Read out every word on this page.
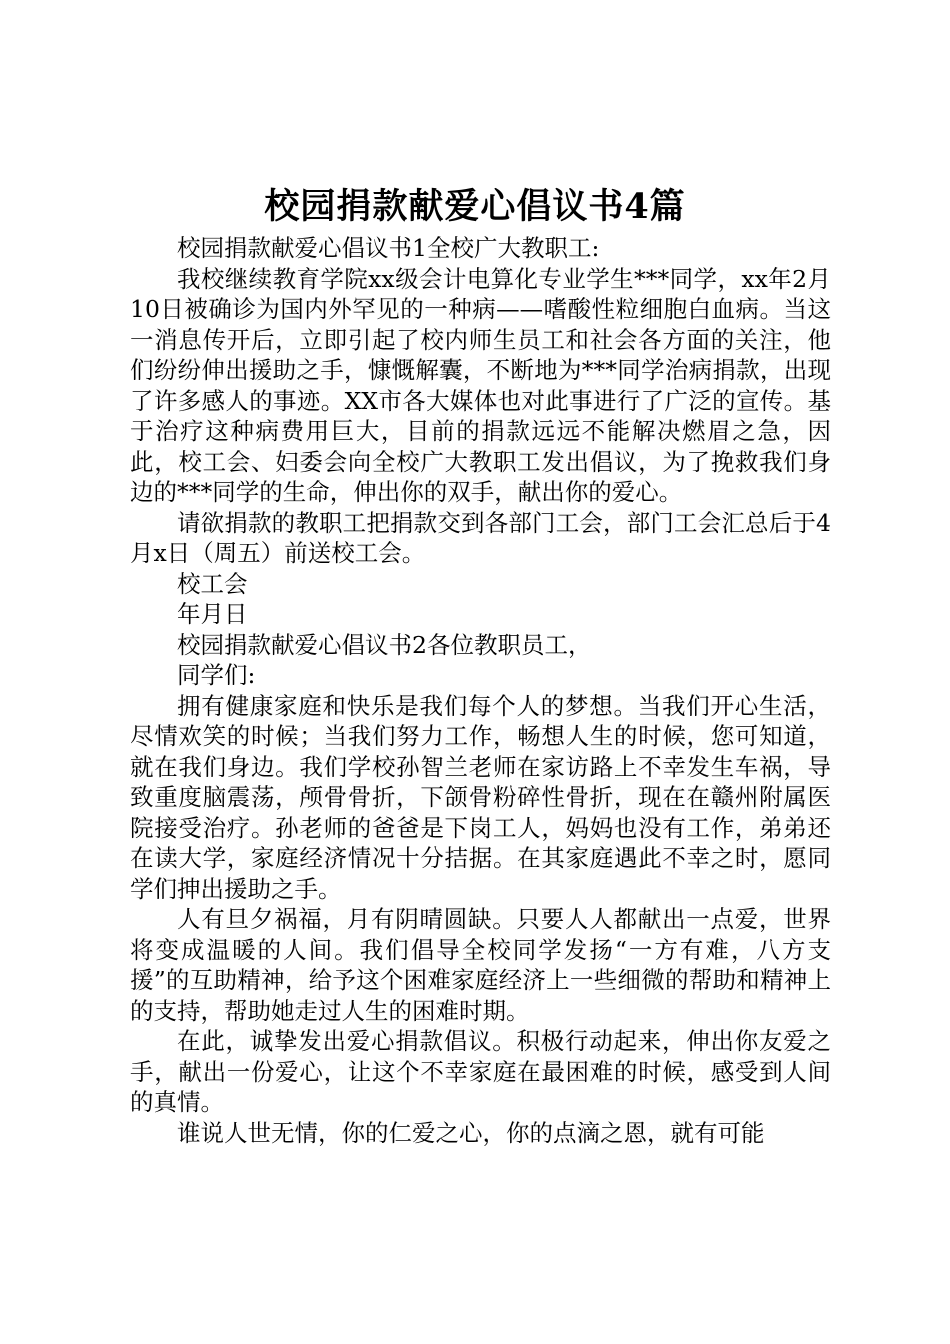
校园捐款献爱心倡议书4篇

校园捐款献爱心倡议书1全校广大教职工:

我校继续教育学院xx级会计电算化专业学生***同学，xx年2月10日被确诊为国内外罕见的一种病——嗜酸性粒细胞白血病。当这一消息传开后，立即引起了校内师生员工和社会各方面的关注，他们纷纷伸出援助之手，慷慨解囊，不断地为***同学治病捐款，出现了许多感人的事迹。XX市各大媒体也对此事进行了广泛的宣传。基于治疗这种病费用巨大，目前的捐款远远不能解决燃眉之急，因此，校工会、妇委会向全校广大教职工发出倡议，为了挽救我们身边的***同学的生命，伸出你的双手，献出你的爱心。

请欲捐款的教职工把捐款交到各部门工会，部门工会汇总后于4月x日（周五）前送校工会。

校工会

年月日

校园捐款献爱心倡议书2各位教职员工，

同学们:

拥有健康家庭和快乐是我们每个人的梦想。当我们开心生活，尽情欢笑的时候；当我们努力工作，畅想人生的时候，您可知道，就在我们身边。我们学校孙智兰老师在家访路上不幸发生车祸，导致重度脑震荡，颅骨骨折，下颌骨粉碎性骨折，现在在赣州附属医院接受治疗。孙老师的爸爸是下岗工人，妈妈也没有工作，弟弟还在读大学，家庭经济情况十分拮据。在其家庭遇此不幸之时，愿同学们抻出援助之手。

人有旦夕祸福，月有阴晴圆缺。只要人人都献出一点爱，世界将变成温暖的人间。我们倡导全校同学发扬“一方有难，八方支援”的互助精神，给予这个困难家庭经济上一些细微的帮助和精神上的支持，帮助她走过人生的困难时期。

在此，诚挚发出爱心捐款倡议。积极行动起来，伸出你友爱之手，献出一份爱心，让这个不幸家庭在最困难的时候，感受到人间的真情。

谁说人世无情，你的仁爱之心，你的点滴之恩，就有可能
